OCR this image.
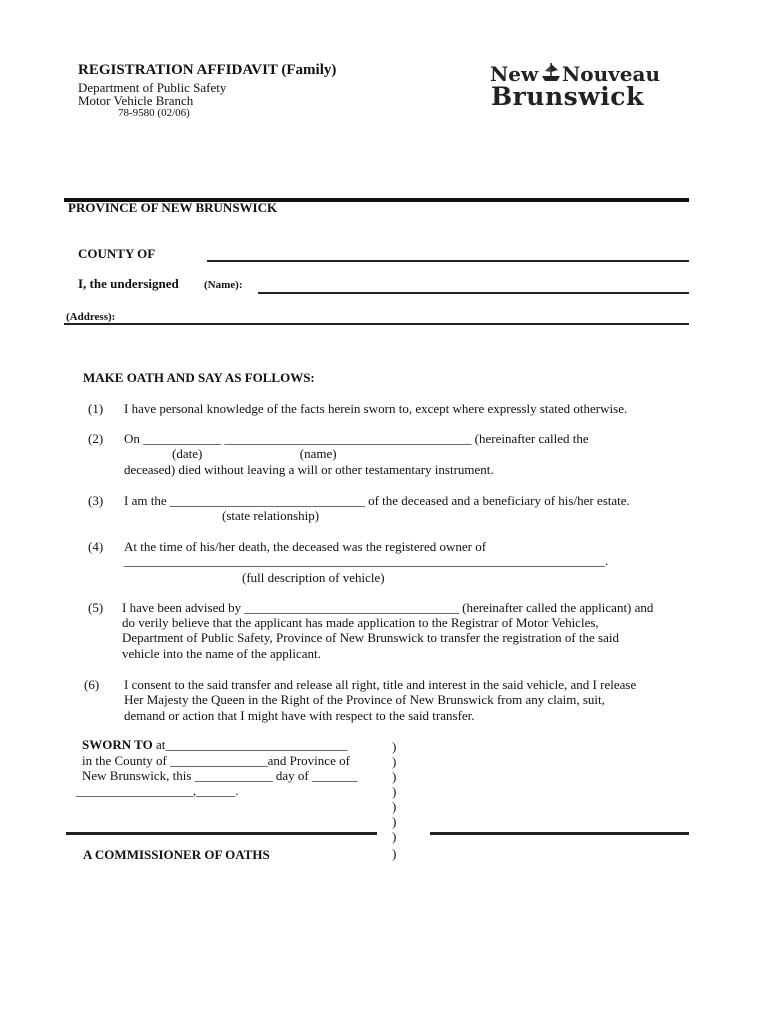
REGISTRATION AFFIDAVIT (Family)
Department of Public Safety
Motor Vehicle Branch
78-9580 (02/06)
New Nouveau
Brunswick
PROVINCE OF NEW BRUNSWICK
COUNTY OF
I, the undersigned (Name):
(Address):
MAKE OATH AND SAY AS FOLLOWS:
(1) I have personal knowledge of the facts herein sworn to, except where expressly stated otherwise.
(2) On ____________ ______________________________________ (hereinafter called the
(date)                              (name)
deceased) died without leaving a will or other testamentary instrument.
(3) I am the ______________________________ of the deceased and a beneficiary of his/her estate.
(state relationship)
(4) At the time of his/her death, the deceased was the registered owner of
__________________________________________________________________________.
(full description of vehicle)
(5) I have been advised by _________________________________ (hereinafter called the applicant) and
do verily believe that the applicant has made application to the Registrar of Motor Vehicles,
Department of Public Safety, Province of New Brunswick to transfer the registration of the said
vehicle into the name of the applicant.
(6) I consent to the said transfer and release all right, title and interest in the said vehicle, and I release
Her Majesty the Queen in the Right of the Province of New Brunswick from any claim, suit,
demand or action that I might have with respect to the said transfer.
SWORN TO at____________________________
in the County of _______________and Province of
New Brunswick, this ____________ day of _______
__________________,______.
)
)
)
)
)
)
)
)
A COMMISSIONER OF OATHS
